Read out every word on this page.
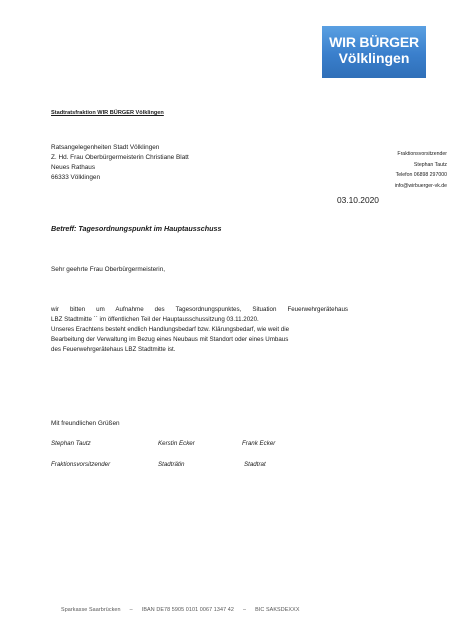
WIR BÜRGER
Völklingen
Stadtratsfraktion WIR BÜRGER Völklingen
Ratsangelegenheiten Stadt Völklingen
Z. Hd. Frau Oberbürgermeisterin Christiane Blatt
Neues Rathaus
66333 Völklingen
Fraktionsvorsitzender
Stephan Tautz
Telefon 06898 297000
info@wirbuerger-vk.de
03.10.2020
Betreff: Tagesordnungspunkt im Hauptausschuss
Sehr geehrte Frau Oberbürgermeisterin,
wir bitten um Aufnahme des Tagesordnungspunktes, Situation Feuerwehrgerätehaus
LBZ Stadtmitte ´´ im öffentlichen Teil der Hauptausschussitzung 03.11.2020.
Unseres Erachtens besteht endlich Handlungsbedarf bzw. Klärungsbedarf, wie weit die
Bearbeitung der Verwaltung im Bezug eines Neubaus mit Standort oder eines Umbaus
des Feuerwehrgerätehaus LBZ Stadtmitte ist.
Mit freundlichen Grüßen
Stephan Tautz	Kerstin Ecker	Frank Ecker
Fraktionsvorsitzender	Stadträtin	Stadtrat
Sparkasse Saarbrücken – IBAN DE78 5905 0101 0067 1347 42 – BIC SAKSDEXXX
